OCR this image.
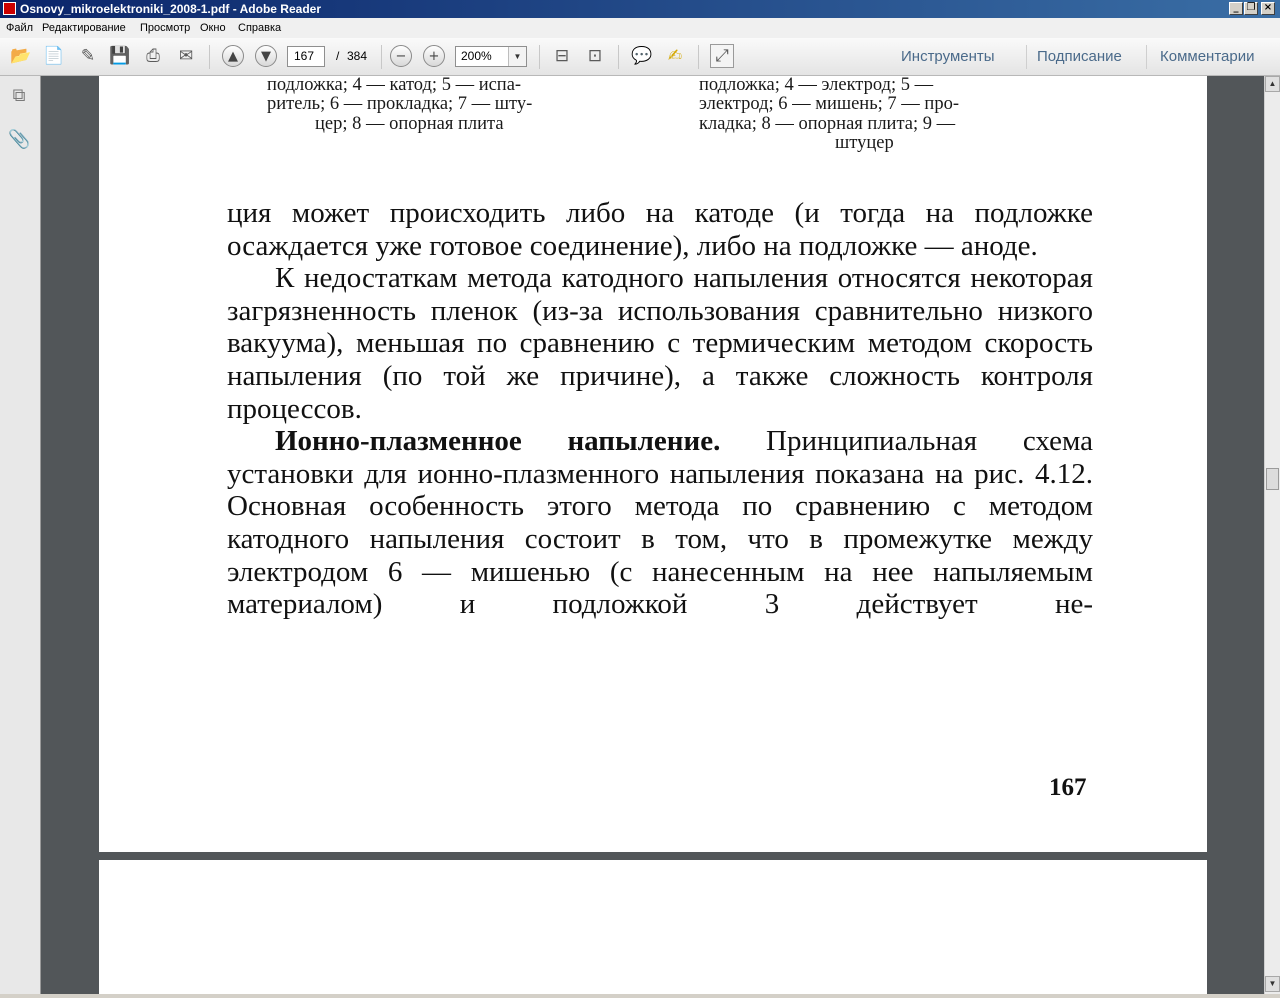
Osnovy_mikroelektroniki_2008-1.pdf - Adobe Reader	_ ❐ ×
Файл Редактирование Просмотр Окно Справка
📂 📄 ✎ 💾 ⎙	✉	▲	▼	167	/ 384	−	+	200%	▼ ⊟ ⊡ 💬 ✍	⤢	Инструменты	Подписание	Комментарии
⧉
📎
подложка; 4 — катод; 5 — испа-
ритель; 6 — прокладка; 7 — шту-
цер; 8 — опорная плита
подложка; 4 — электрод; 5 —
электрод; 6 — мишень; 7 — про-
кладка; 8 — опорная плита; 9 —
штуцер

ция может происходить либо на катоде (и тогда на подложке осаждается уже готовое соединение), либо на подложке — аноде.

К недостаткам метода катодного напыления относятся некоторая загрязненность пленок (из-за использования сравнительно низкого вакуума), меньшая по сравнению с термическим методом скорость напыления (по той же причине), а также сложность контроля процессов.

Ионно-плазменное напыление. Принципиальная схема установки для ионно-плазменного напыления показана на рис. 4.12. Основная особенность этого метода по сравнению с методом катодного напыления состоит в том, что в промежутке между электродом 6 — мишенью (с нанесенным на нее напыляемым материалом) и подложкой 3 действует не-

167
▲
▼
